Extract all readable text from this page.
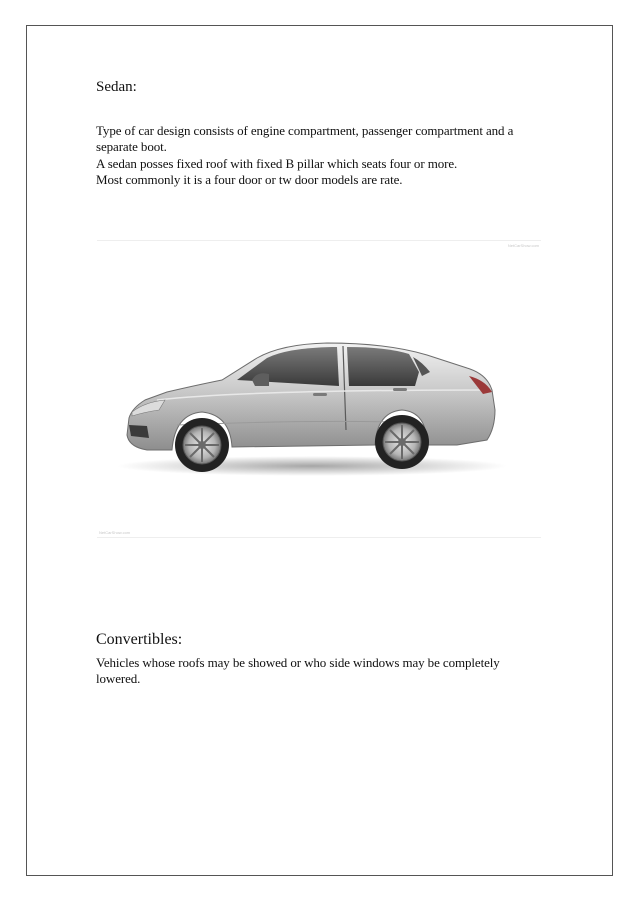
Sedan:

Type of car design consists of engine compartment, passenger compartment and a separate boot.

A sedan posses fixed roof with fixed B pillar which seats four or more.

Most commonly it is a four door or tw door models are rate.

NetCarShow.com
NetCarShow.com
Convertibles:

Vehicles whose roofs may be showed or who side windows may be completely lowered.
